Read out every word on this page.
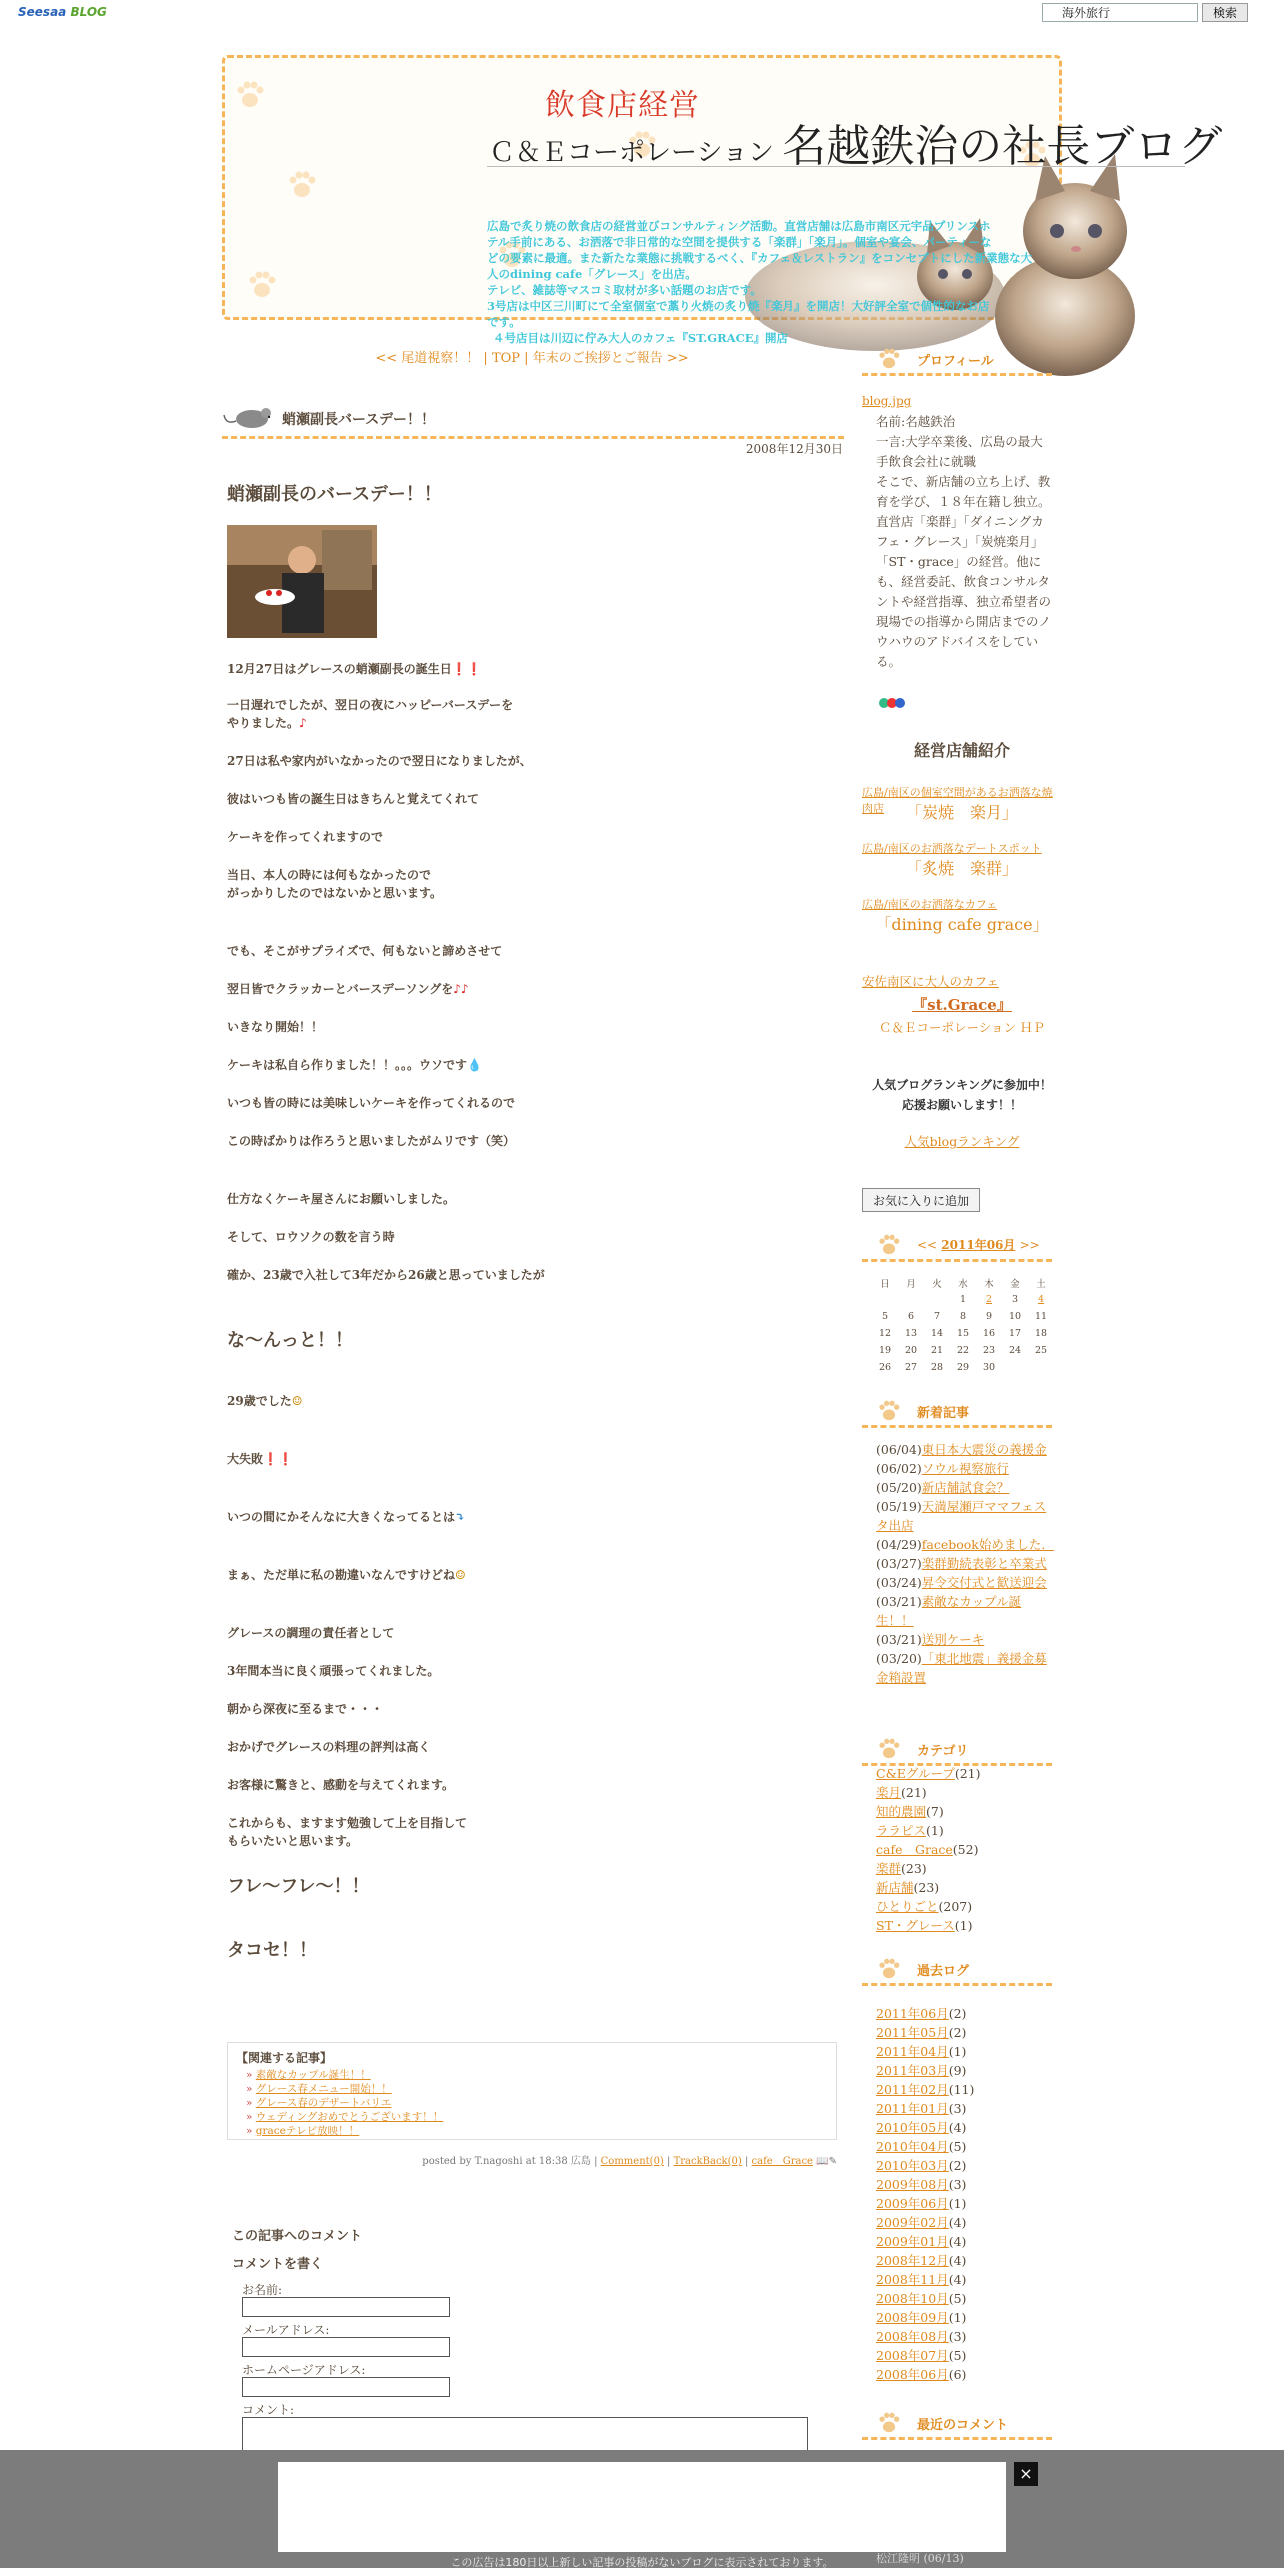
Seesaa BLOG
海外旅行	検索
飲食店経営
Ｃ＆Ｅコーポレーション 名越鉄治の社長ブログ
広島で炙り焼の飲食店の経営並びコンサルティング活動。直営店舗は広島市南区元宇品プリンスホ
テル手前にある、お洒落で非日常的な空間を提供する「楽群」「楽月」。個室や宴会、パーティーな
どの要素に最適。また新たな業態に挑戦するべく、『カフェ＆レストラン』をコンセプトにした新業態な大
人のdining cafe「グレース」を出店。
テレビ、雑誌等マスコミ取材が多い話題のお店です。
3号店は中区三川町にて全室個室で藁り火焼の炙り焼『楽月』を開店！大好評全室で個性的なお店
です。
４号店目は川辺に佇み大人のカフェ『ST.GRACE』開店
<< 尾道視察！！ | TOP | 年末のご挨拶とご報告 >>
蛸瀬副長バースデー！！
2008年12月30日
蛸瀬副長のバースデー！！
12月27日はグレースの蛸瀬副長の誕生日❗❗
一日遅れでしたが、翌日の夜にハッピーバースデーを
やりました。♪
27日は私や家内がいなかったので翌日になりましたが、
彼はいつも皆の誕生日はきちんと覚えてくれて
ケーキを作ってくれますので
当日、本人の時には何もなかったので
がっかりしたのではないかと思います。
でも、そこがサプライズで、何もないと諦めさせて
翌日皆でクラッカーとバースデーソングを♪♪
いきなり開始！！
ケーキは私自ら作りました！！。。。ウソです💧
いつも皆の時には美味しいケーキを作ってくれるので
この時ばかりは作ろうと思いましたがムリです（笑）
仕方なくケーキ屋さんにお願いしました。
そして、ロウソクの数を言う時
確か、23歳で入社して3年だから26歳と思っていましたが
な～んっと！！
29歳でした☺
大失敗❗❗
いつの間にかそんなに大きくなってるとは⤵
まぁ、ただ単に私の勘違いなんですけどね☺
グレースの調理の責任者として
3年間本当に良く頑張ってくれました。
朝から深夜に至るまで・・・
おかげでグレースの料理の評判は高く
お客様に驚きと、感動を与えてくれます。
これからも、ますます勉強して上を目指して
もらいたいと思います。
フレ～フレ～！！
タコセ！！
【関連する記事】
» 素敵なカップル誕生！！
» グレース春メニュー開始！！
» グレース春のデザートバリエ
» ウェディングおめでとうございます！！
» graceテレビ放映！！
posted by T.nagoshi at 18:38 広島 | Comment(0) | TrackBack(0) | cafe　Grace 📖✎
この記事へのコメント
コメントを書く
お名前:
メールアドレス:
ホームページアドレス:
コメント:
プロフィール
blog.jpg
名前:名越鉄治
一言:大学卒業後、広島の最大手飲食会社に就職
そこで、新店舗の立ち上げ、教育を学び、１８年在籍し独立。
直営店「楽群」「ダイニングカフェ・グレース」「炭焼楽月」「ST・grace」の経営。他にも、経営委託、飲食コンサルタントや経営指導、独立希望者の現場での指導から開店までのノウハウのアドバイスをしている。
経営店舗紹介
広島/南区の個室空間があるお洒落な焼肉店	「炭焼　楽月」
広島/南区のお洒落なデートスポット
「炙焼　楽群」
広島/南区のお洒落なカフェ
「dining cafe grace」
安佐南区に大人のカフェ
『st.Grace』
Ｃ＆Ｅコーポレーション ＨＰ
人気ブログランキングに参加中！
応援お願いします！！
人気blogランキング
お気に入りに追加
<< 2011年06月 >>
日	月	火	水	木	金	土
			1	2	3	4
5	6	7	8	9	10	11
12	13	14	15	16	17	18
19	20	21	22	23	24	25
26	27	28	29	30		
新着記事
(06/04)東日本大震災の義援金
(06/02)ソウル視察旅行
(05/20)新店舗試食会？
(05/19)天満屋瀬戸ママフェスタ出店
(04/29)facebook始めました．
(03/27)楽群勤続表彰と卒業式
(03/24)昇令交付式と歓送迎会
(03/21)素敵なカップル誕生！！
(03/21)送別ケーキ
(03/20)「東北地震」義援金募金箱設置
カテゴリ
C&Eグループ(21)
楽月(21)
知的農園(7)
ララピス(1)
cafe　Grace(52)
楽群(23)
新店舗(23)
ひとりごと(207)
ST・グレース(1)
過去ログ
2011年06月(2)
2011年05月(2)
2011年04月(1)
2011年03月(9)
2011年02月(11)
2011年01月(3)
2010年05月(4)
2010年04月(5)
2010年03月(2)
2009年08月(3)
2009年06月(1)
2009年02月(4)
2009年01月(4)
2008年12月(4)
2008年11月(4)
2008年10月(5)
2008年09月(1)
2008年08月(3)
2008年07月(5)
2008年06月(6)
最近のコメント
×
松江隆明 (06/13)
この広告は180日以上新しい記事の投稿がないブログに表示されております。
